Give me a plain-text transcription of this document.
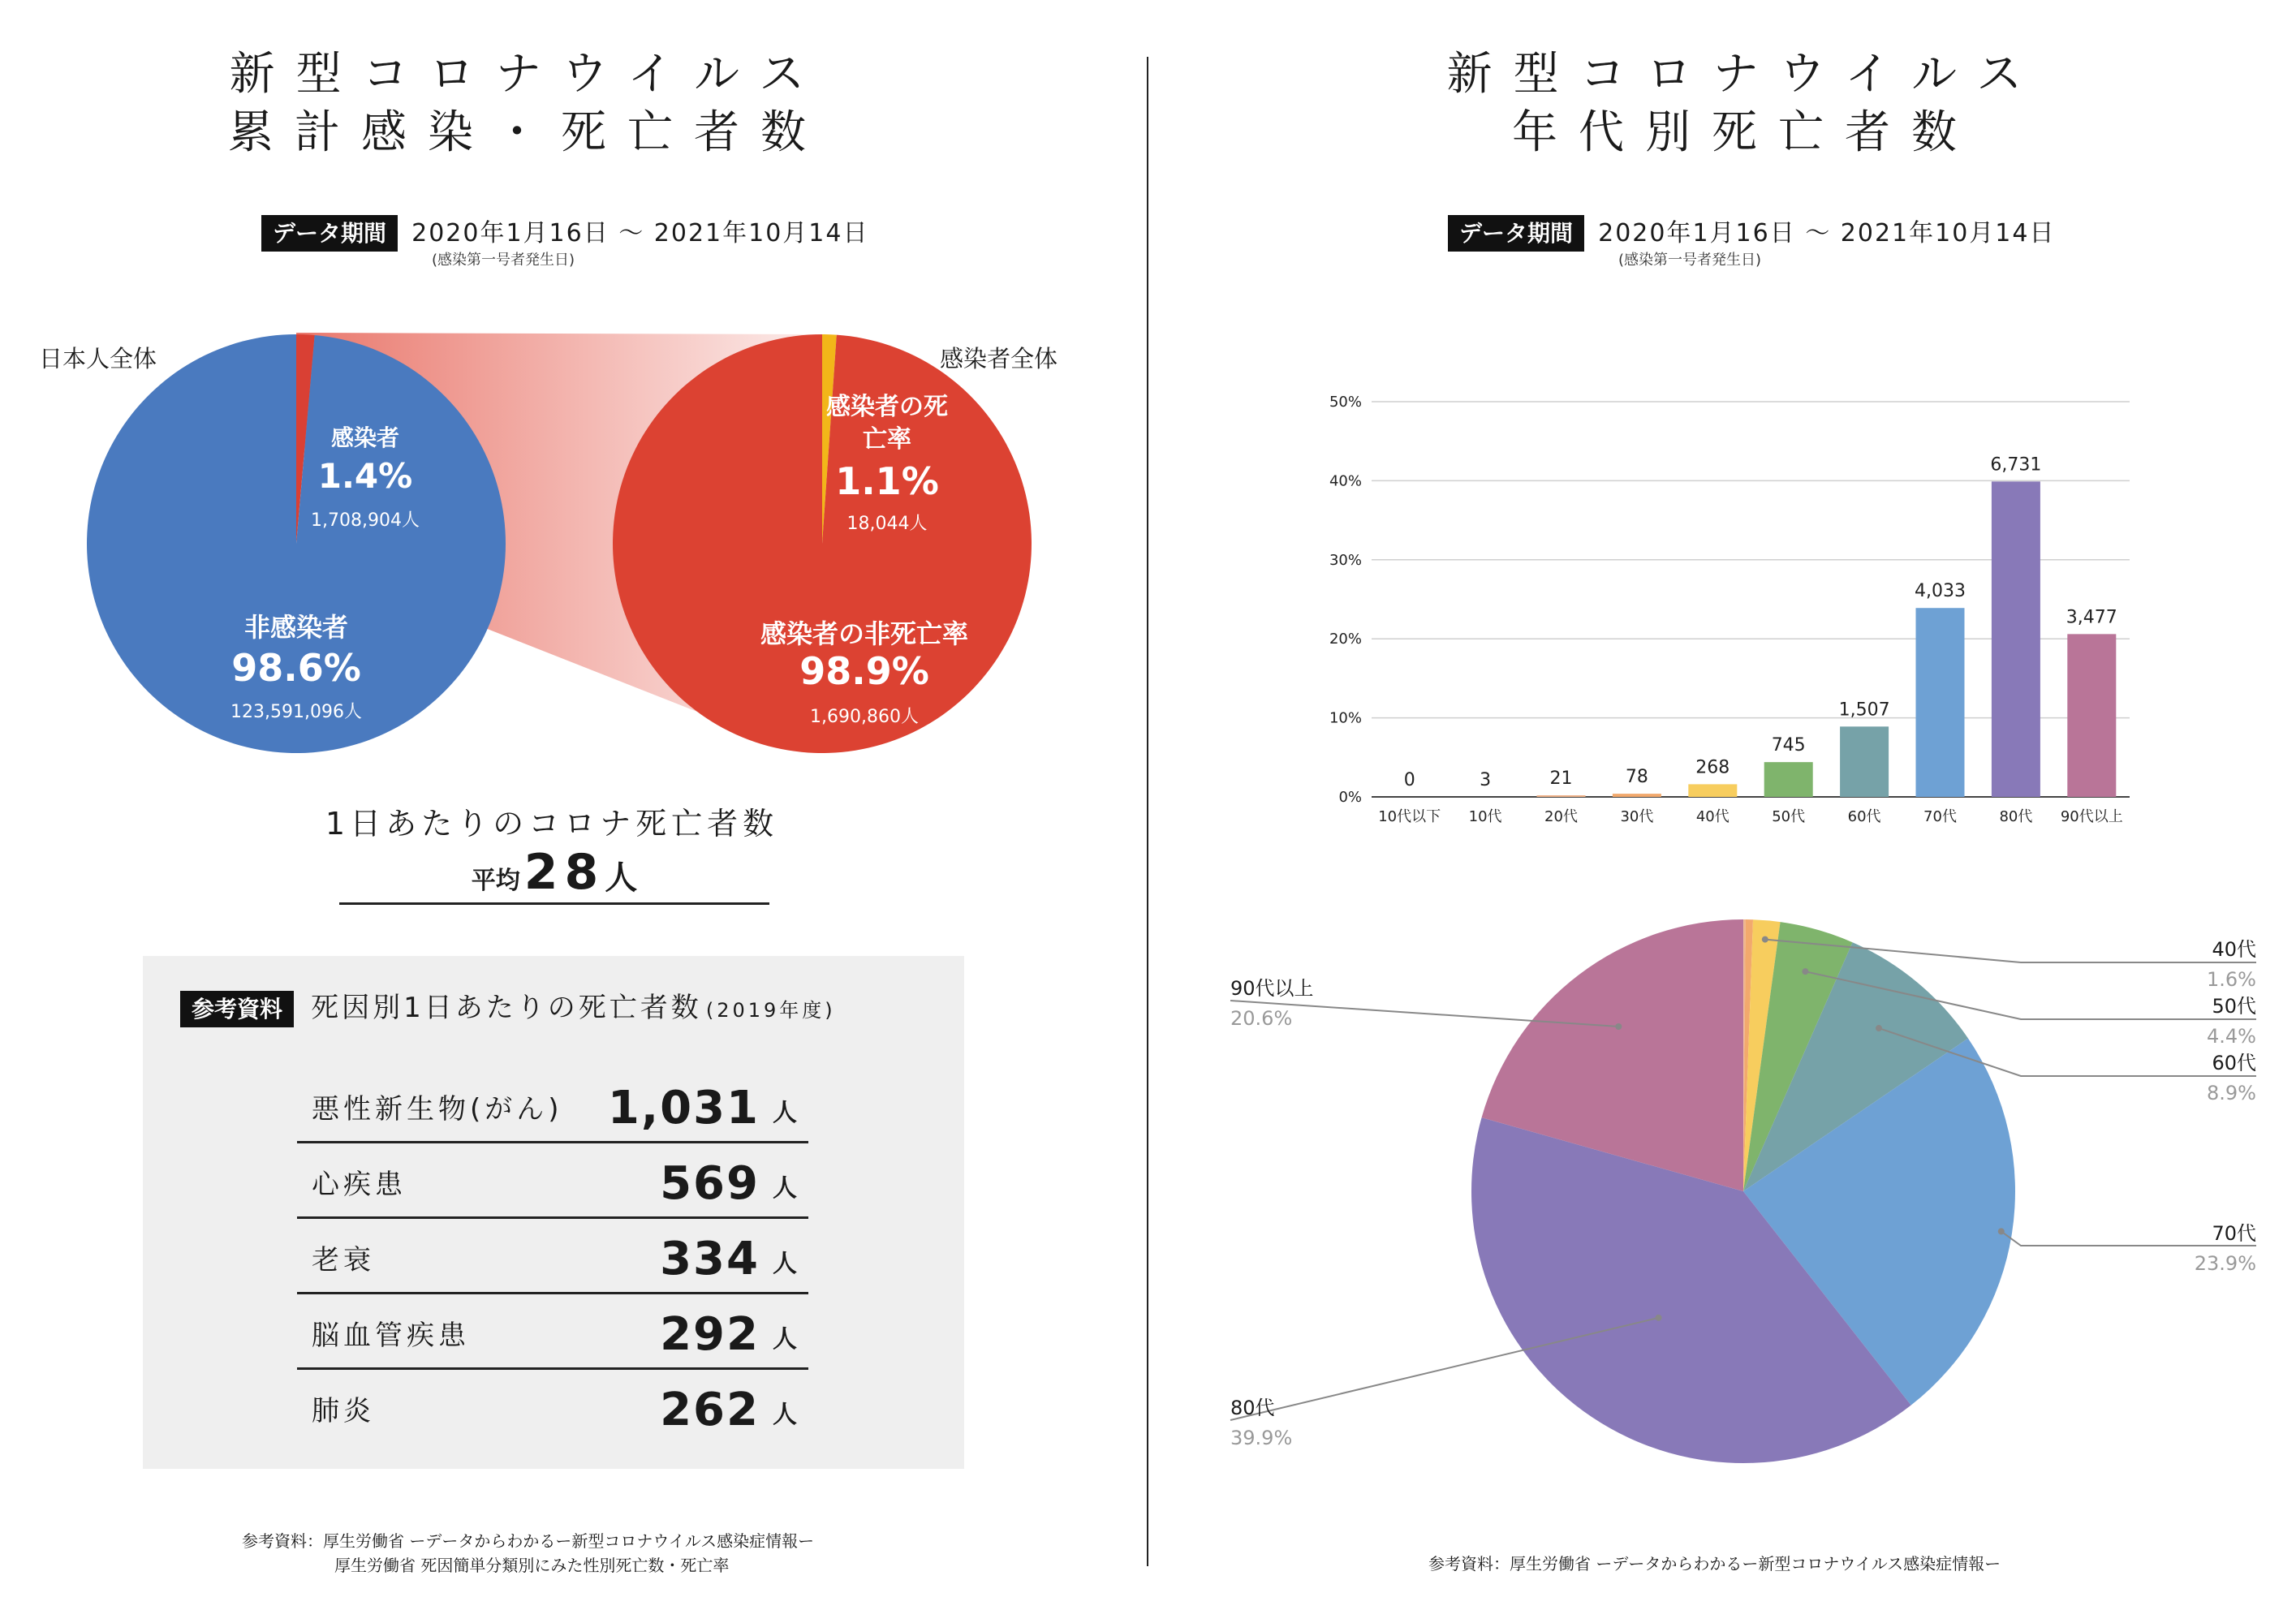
新型コロナウイルス
累計感染・死亡者数
データ期間 2020年1月16日 〜 2021年10月14日
(感染第一号者発生日)
日本人全体	感染者全体
感染者
1.4%
1,708,904人
非感染者
98.6%
123,591,096人
感染者の死亡率
1.1%
18,044人
感染者の非死亡率
98.9%
1,690,860人
1日あたりのコロナ死亡者数
平均 28人
参考資料 死因別1日あたりの死亡者数 (2019年度)
悪性新生物(がん) 1,031 人
心疾患	569 人
老衰	334 人
脳血管疾患	292 人
肺炎	262 人
参考資料：厚生労働省 ーデータからわかるー新型コロナウイルス感染症情報ー
厚生労働省 死因簡単分類別にみた性別死亡数・死亡率
新型コロナウイルス
年代別死亡者数
データ期間 2020年1月16日 〜 2021年10月14日
(感染第一号者発生日)
0%
10%
20%
30%
40%
50%
0
10代以下
3
10代
21
20代
78
30代
268
40代
745
50代
1,507
60代
4,033
70代
6,731
80代
3,477
90代以上
40代
1.6%
50代
4.4%
60代
8.9%
70代
23.9%
80代
39.9%
90代以上
20.6%
参考資料：厚生労働省 ーデータからわかるー新型コロナウイルス感染症情報ー
